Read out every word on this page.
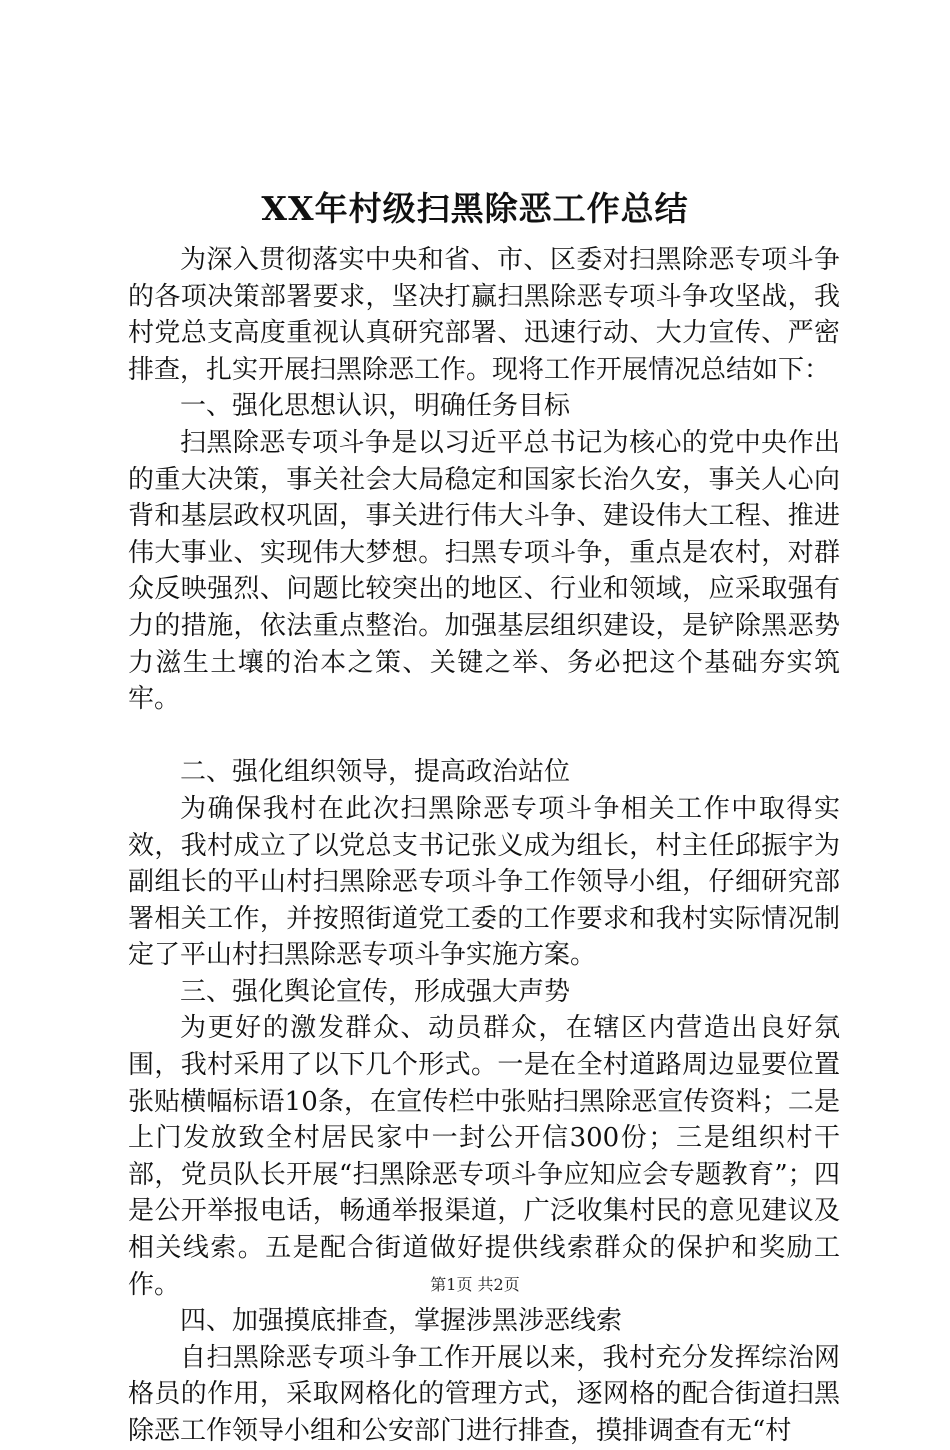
XX年村级扫黑除恶工作总结

为深入贯彻落实中央和省、市、区委对扫黑除恶专项斗争的各项决策部署要求，坚决打赢扫黑除恶专项斗争攻坚战，我村党总支高度重视认真研究部署、迅速行动、大力宣传、严密排查，扎实开展扫黑除恶工作。现将工作开展情况总结如下：

一、强化思想认识，明确任务目标

扫黑除恶专项斗争是以习近平总书记为核心的党中央作出的重大决策，事关社会大局稳定和国家长治久安，事关人心向背和基层政权巩固，事关进行伟大斗争、建设伟大工程、推进伟大事业、实现伟大梦想。扫黑专项斗争，重点是农村，对群众反映强烈、问题比较突出的地区、行业和领域，应采取强有力的措施，依法重点整治。加强基层组织建设，是铲除黑恶势力滋生土壤的治本之策、关键之举、务必把这个基础夯实筑牢。

二、强化组织领导，提高政治站位

为确保我村在此次扫黑除恶专项斗争相关工作中取得实效，我村成立了以党总支书记张义成为组长，村主任邱振宇为副组长的平山村扫黑除恶专项斗争工作领导小组，仔细研究部署相关工作，并按照街道党工委的工作要求和我村实际情况制定了平山村扫黑除恶专项斗争实施方案。

三、强化舆论宣传，形成强大声势

为更好的激发群众、动员群众，在辖区内营造出良好氛围，我村采用了以下几个形式。一是在全村道路周边显要位置张贴横幅标语10条，在宣传栏中张贴扫黑除恶宣传资料；二是上门发放致全村居民家中一封公开信300份；三是组织村干部，党员队长开展“扫黑除恶专项斗争应知应会专题教育”；四是公开举报电话，畅通举报渠道，广泛收集村民的意见建议及相关线索。五是配合街道做好提供线索群众的保护和奖励工作。

四、加强摸底排查，掌握涉黑涉恶线索

自扫黑除恶专项斗争工作开展以来，我村充分发挥综治网格员的作用，采取网格化的管理方式，逐网格的配合街道扫黑除恶工作领导小组和公安部门进行排查，摸排调查有无“村

第1页 共2页
